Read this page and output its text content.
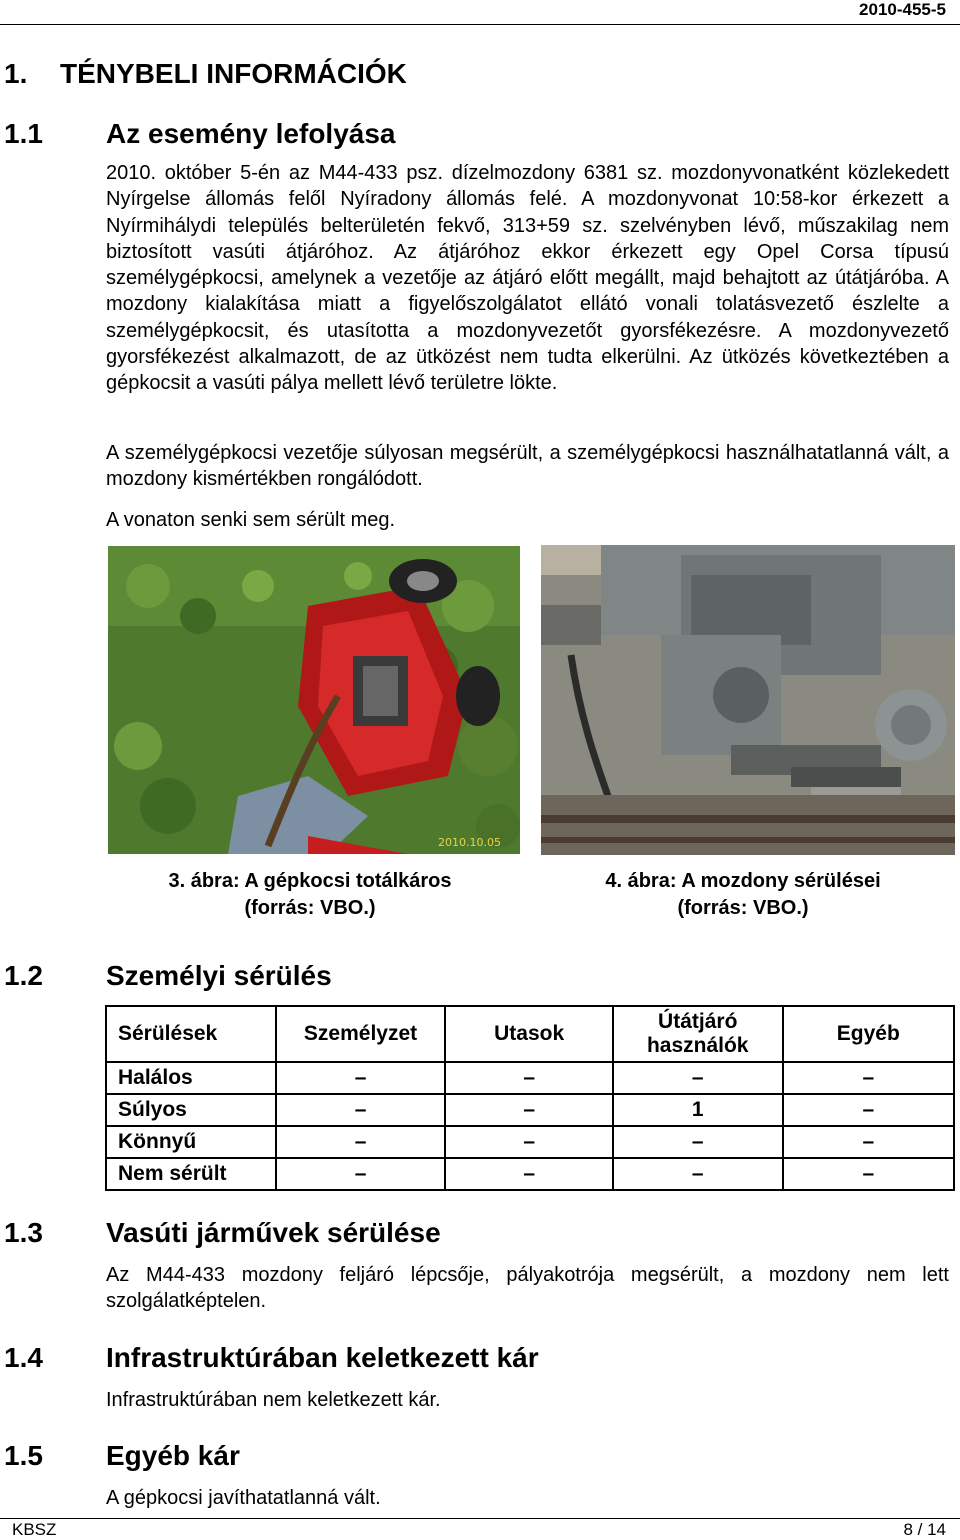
2010-455-5
1. TÉNYBELI INFORMÁCIÓK
1.1 Az esemény lefolyása
2010. október 5-én az M44-433 psz. dízelmozdony 6381 sz. mozdonyvonatként közlekedett Nyírgelse állomás felől Nyíradony állomás felé. A mozdonyvonat 10:58-kor érkezett a Nyírmihálydi település belterületén fekvő, 313+59 sz. szelvényben lévő, műszakilag nem biztosított vasúti átjáróhoz. Az átjáróhoz ekkor érkezett egy Opel Corsa típusú személygépkocsi, amelynek a vezetője az átjáró előtt megállt, majd behajtott az útátjáróba. A mozdony kialakítása miatt a figyelőszolgálatot ellátó vonali tolatásvezető észlelte a személygépkocsit, és utasította a mozdonyvezetőt gyorsfékezésre. A mozdonyvezető gyorsfékezést alkalmazott, de az ütközést nem tudta elkerülni. Az ütközés következtében a gépkocsit a vasúti pálya mellett lévő területre lökte.
A személygépkocsi vezetője súlyosan megsérült, a személygépkocsi használhatatlanná vált, a mozdony kismértékben rongálódott.
A vonaton senki sem sérült meg.
2010.10.05
3. ábra: A gépkocsi totálkáros
(forrás: VBO.)
4. ábra: A mozdony sérülései
(forrás: VBO.)
1.2 Személyi sérülés
Sérülések	Személyzet	Utasok	Útátjáró használók	Egyéb
Halálos	–	–	–	–
Súlyos	–	–	1	–
Könnyű	–	–	–	–
Nem sérült	–	–	–	–
1.3 Vasúti járművek sérülése
Az M44-433 mozdony feljáró lépcsője, pályakotrója megsérült, a mozdony nem lett szolgálatképtelen.
1.4 Infrastruktúrában keletkezett kár
Infrastruktúrában nem keletkezett kár.
1.5 Egyéb kár
A gépkocsi javíthatatlanná vált.
KBSZ	8 / 14
